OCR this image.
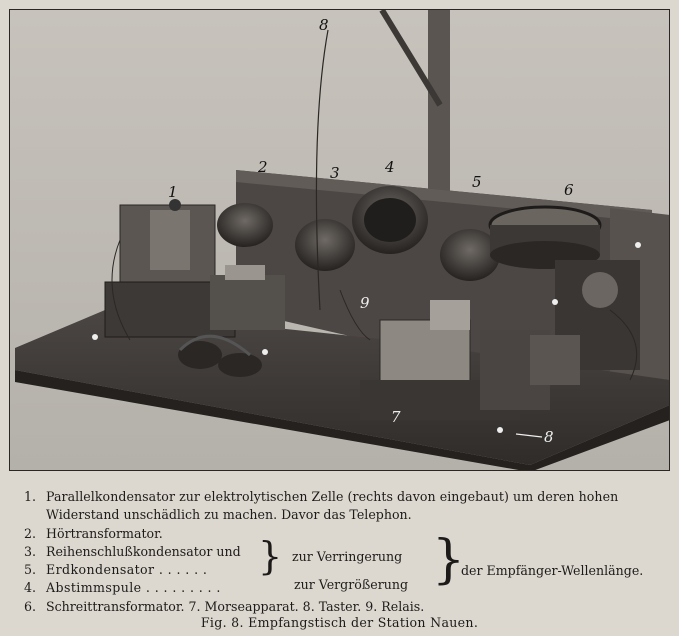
1
2	3	4
5	6
7
8
8
9
1. Parallelkondensator zur elektrolytischen Zelle (rechts davon eingebaut) um deren hohen
Widerstand unschädlich zu machen. Davor das Telephon.
2. Hörtransformator.
3. Reihenschlußkondensator und
5. Erdkondensator . . . . . .
4. Abstimmspule . . . . . . . . .
6. Schreittransformator. 7. Morseapparat. 8. Taster. 9. Relais.
} zur Verringerung
zur Vergrößerung }
der Empfänger-Wellenlänge.
Fig. 8. Empfangstisch der Station Nauen.
